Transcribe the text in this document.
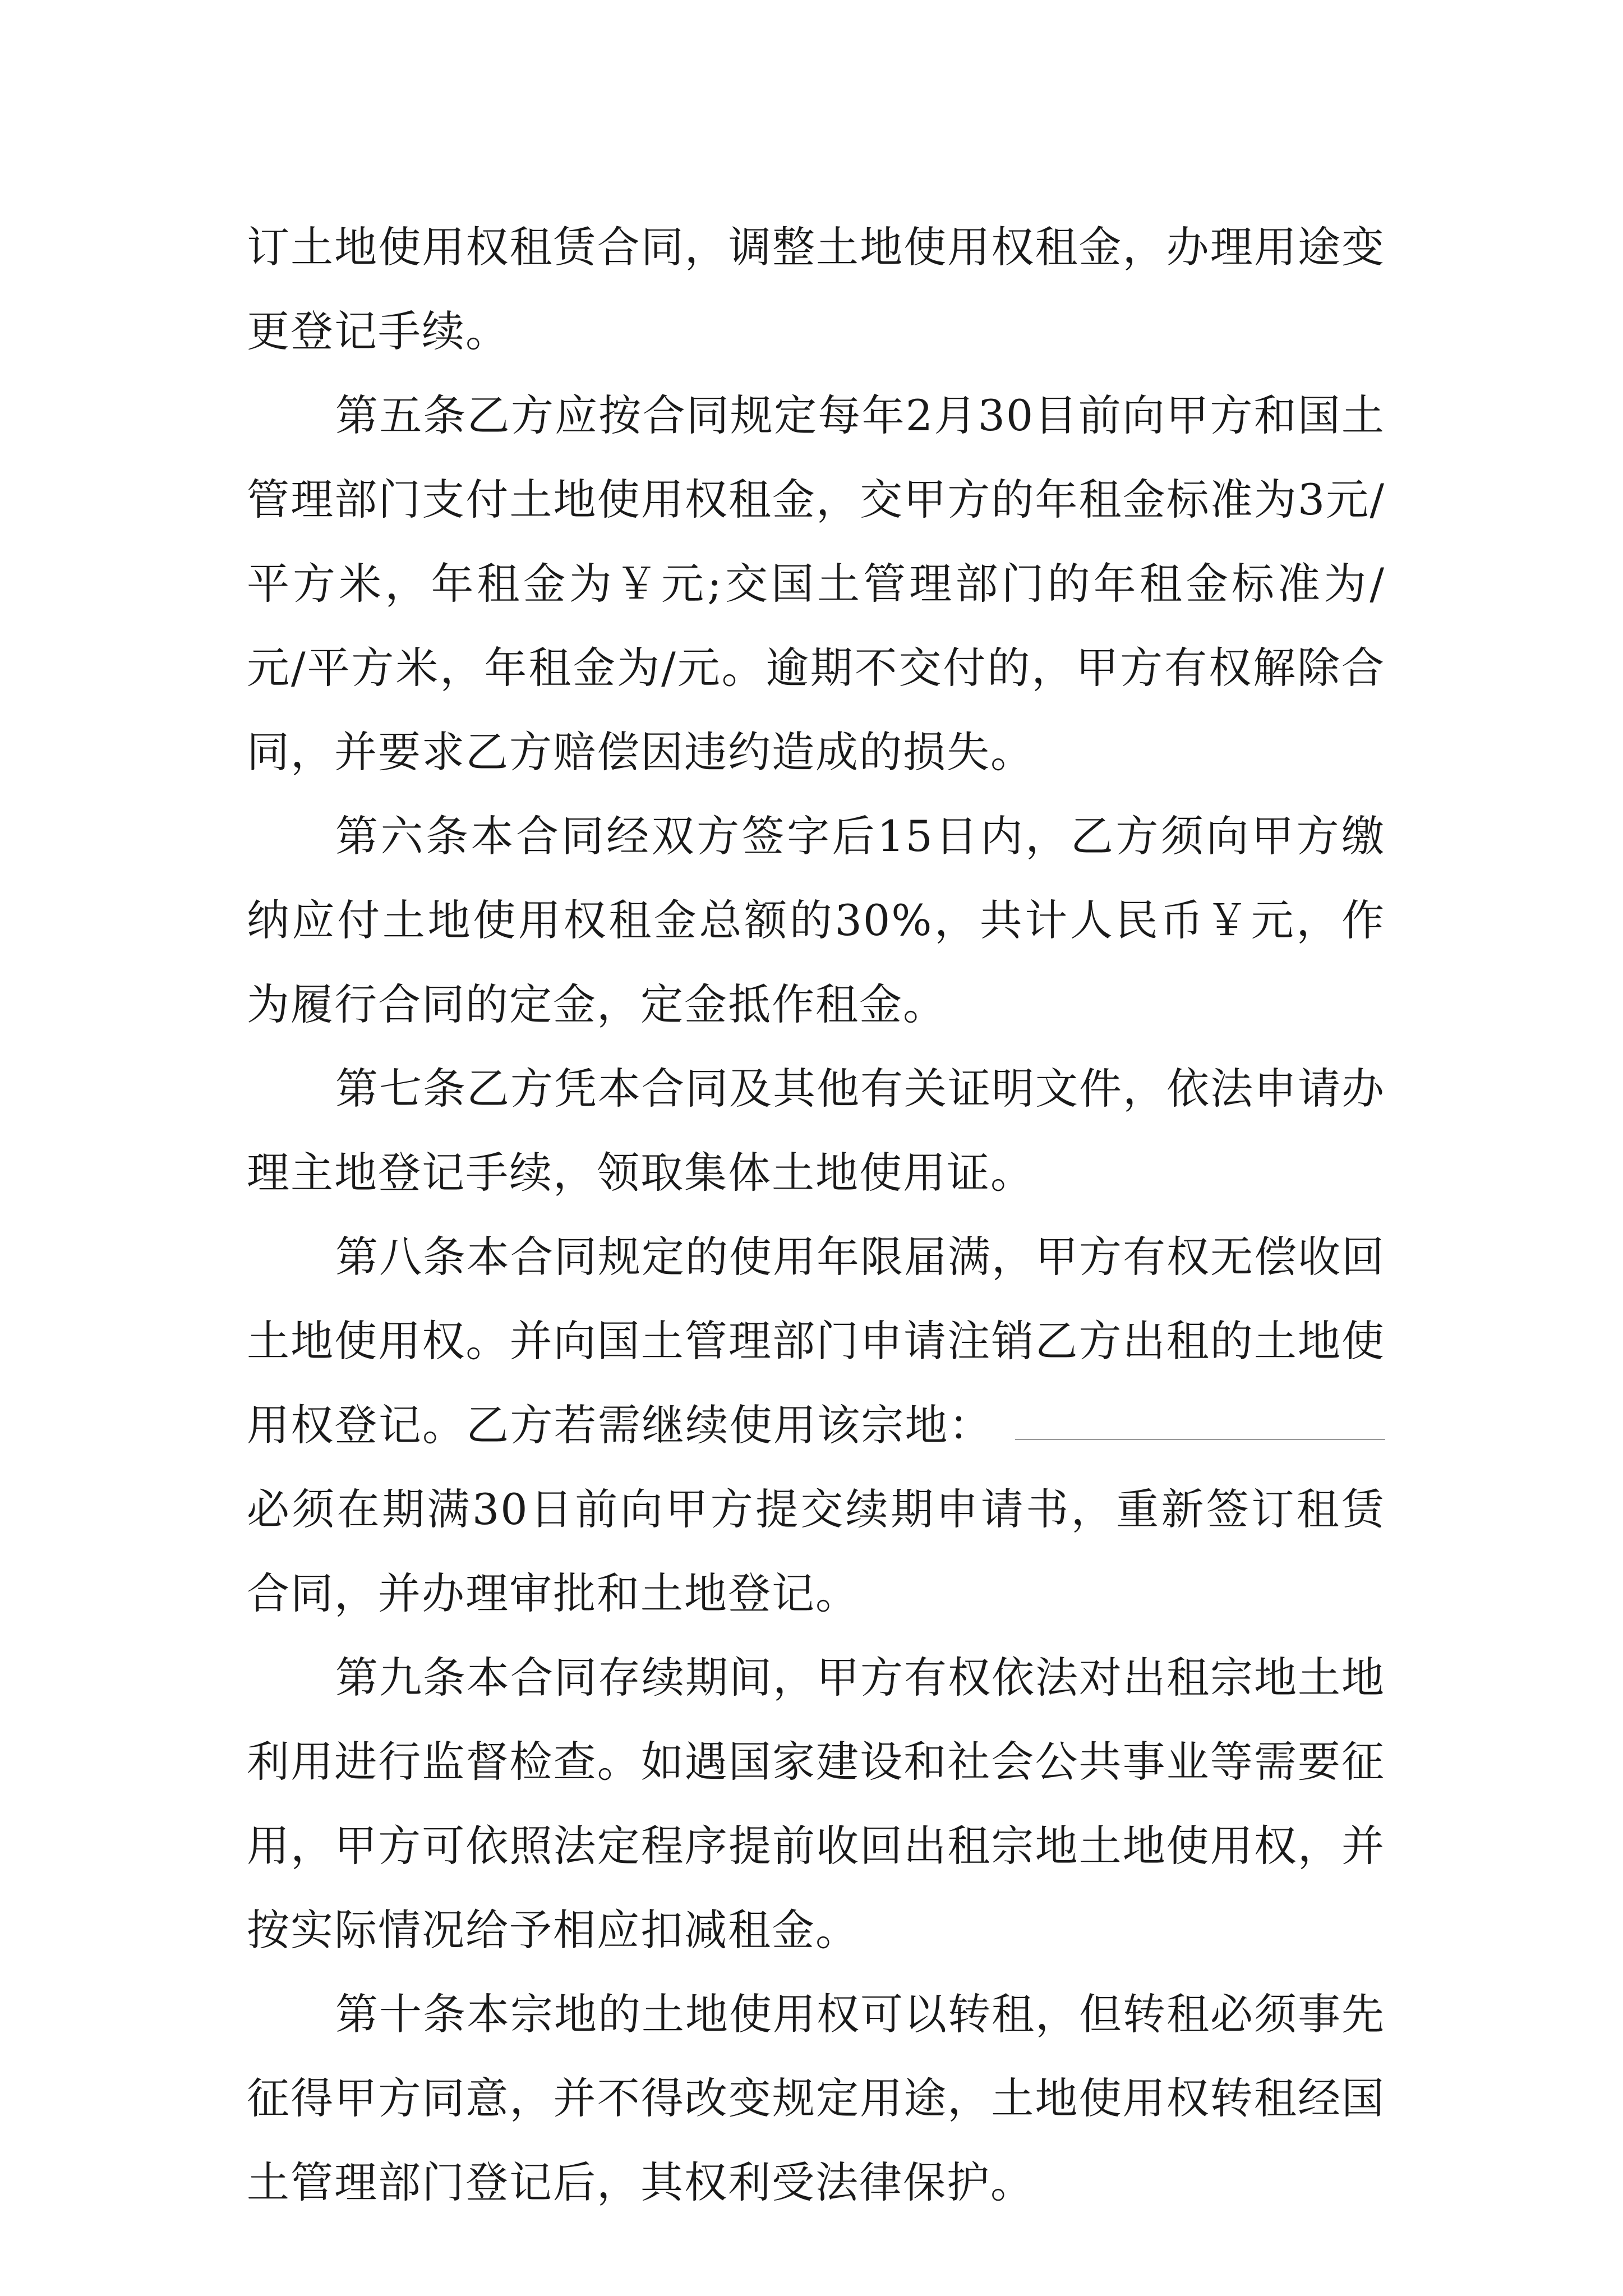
订土地使用权租赁合同，调整土地使用权租金，办理用途变更登记手续。

第五条乙方应按合同规定每年2月30目前向甲方和国土管理部门支付土地使用权租金，交甲方的年租金标准为3元/平方米，年租金为￥元;交国土管理部门的年租金标准为/元/平方米，年租金为/元。逾期不交付的，甲方有权解除合同，并要求乙方赔偿因违约造成的损失。

第六条本合同经双方签字后15日内，乙方须向甲方缴纳应付土地使用权租金总额的30%，共计人民币￥元，作为履行合同的定金，定金抵作租金。

第七条乙方凭本合同及其他有关证明文件，依法申请办理主地登记手续，领取集体土地使用证。

第八条本合同规定的使用年限届满，甲方有权无偿收回土地使用权。并向国土管理部门申请注销乙方出租的土地使用权登记。乙方若需继续使用该宗地：必须在期满30日前向甲方提交续期申请书，重新签订租赁合同，并办理审批和土地登记。

第九条本合同存续期间，甲方有权依法对出租宗地土地利用进行监督检查。如遇国家建设和社会公共事业等需要征用，甲方可依照法定程序提前收回出租宗地土地使用权，并按实际情况给予相应扣减租金。

第十条本宗地的土地使用权可以转租，但转租必须事先征得甲方同意，并不得改变规定用途，土地使用权转租经国土管理部门登记后，其权利受法律保护。
